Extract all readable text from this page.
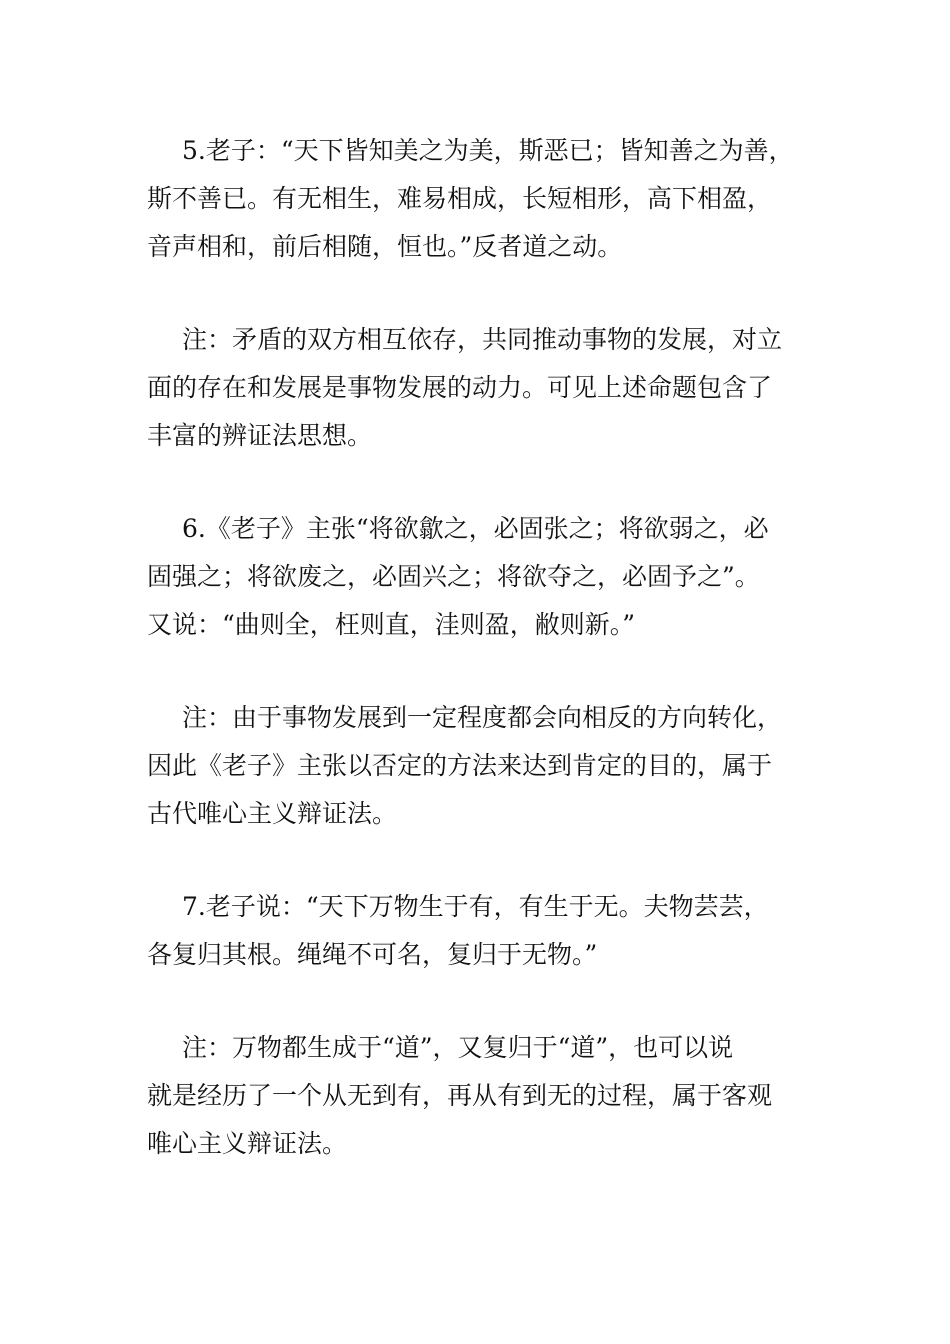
5.老子：“天下皆知美之为美，斯恶已；皆知善之为善，
斯不善已。有无相生，难易相成，长短相形，高下相盈，
音声相和，前后相随，恒也。”反者道之动。
注：矛盾的双方相互依存，共同推动事物的发展，对立
面的存在和发展是事物发展的动力。可见上述命题包含了
丰富的辨证法思想。
6.《老子》主张“将欲歙之，必固张之；将欲弱之，必
固强之；将欲废之，必固兴之；将欲夺之，必固予之”。
又说：“曲则全，枉则直，洼则盈，敝则新。”
注：由于事物发展到一定程度都会向相反的方向转化，
因此《老子》主张以否定的方法来达到肯定的目的，属于
古代唯心主义辩证法。
7.老子说：“天下万物生于有，有生于无。夫物芸芸，
各复归其根。绳绳不可名，复归于无物。”
注：万物都生成于“道”，又复归于“道”，也可以说
就是经历了一个从无到有，再从有到无的过程，属于客观
唯心主义辩证法。
